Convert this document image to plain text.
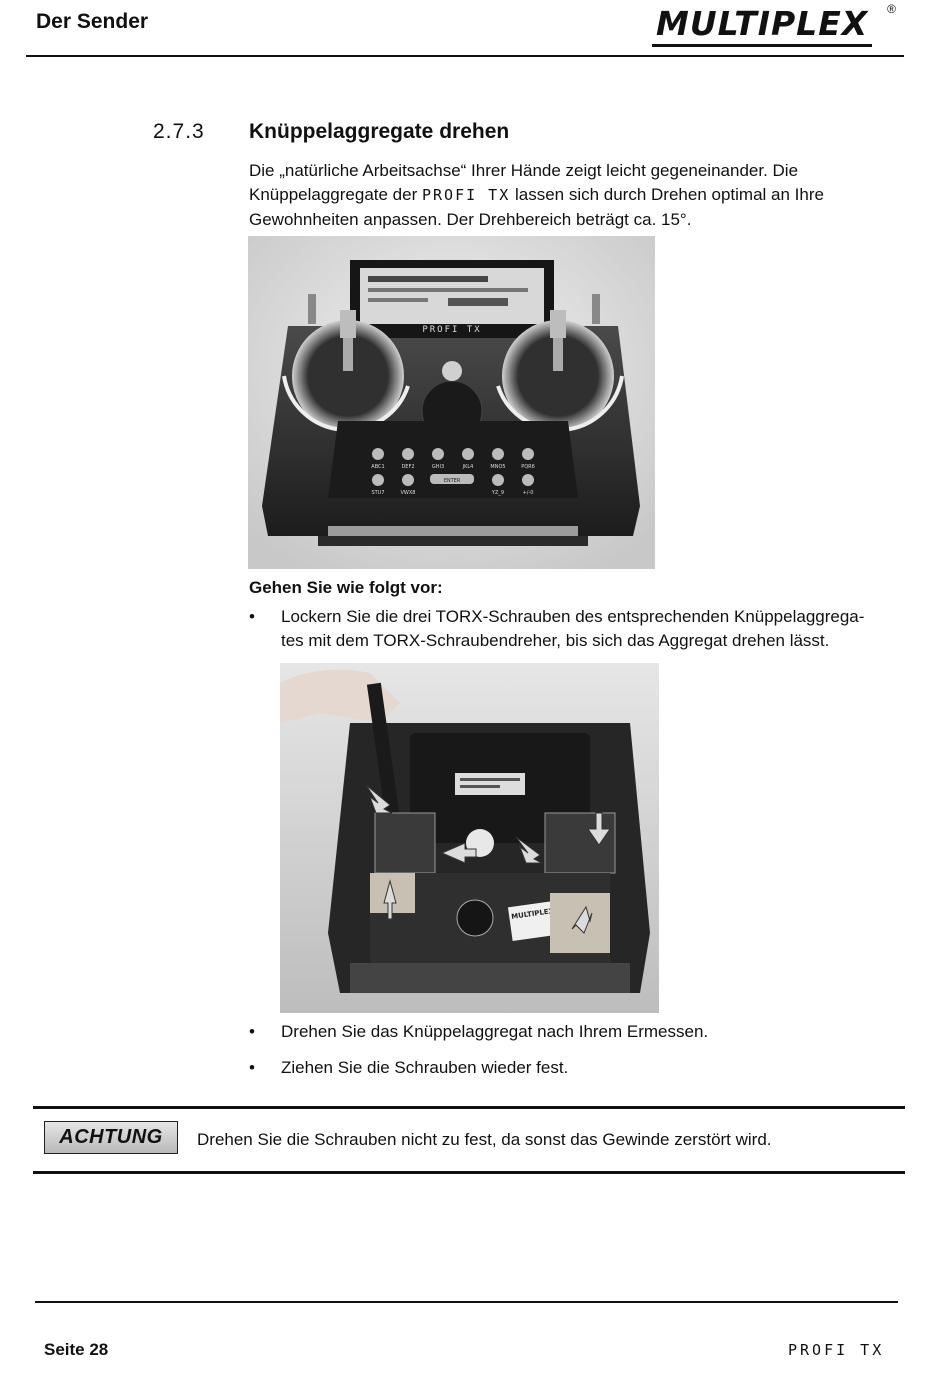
Der Sender	MULTIPLEX	®
2.7.3 Knüppelaggregate drehen
Die „natürliche Arbeitsachse“ Ihrer Hände zeigt leicht gegeneinander. Die
Knüppelaggregate der PROFI TX lassen sich durch Drehen optimal an Ihre
Gewohnheiten anpassen. Der Drehbereich beträgt ca. 15°.
PROFI TX
ABC1	DEF2	GHI3	JKL4	MNO5	PQR6
STU7	VWX8
ENTER
YZ_9	+/-0
Gehen Sie wie folgt vor:
• Lockern Sie die drei TORX-Schrauben des entsprechenden Knüppelaggrega-
tes mit dem TORX-Schraubendreher, bis sich das Aggregat drehen lässt.
MULTIPLEX
• Drehen Sie das Knüppelaggregat nach Ihrem Ermessen.
• Ziehen Sie die Schrauben wieder fest.
ACHTUNG	Drehen Sie die Schrauben nicht zu fest, da sonst das Gewinde zerstört wird.
Seite 28	PROFI TX
